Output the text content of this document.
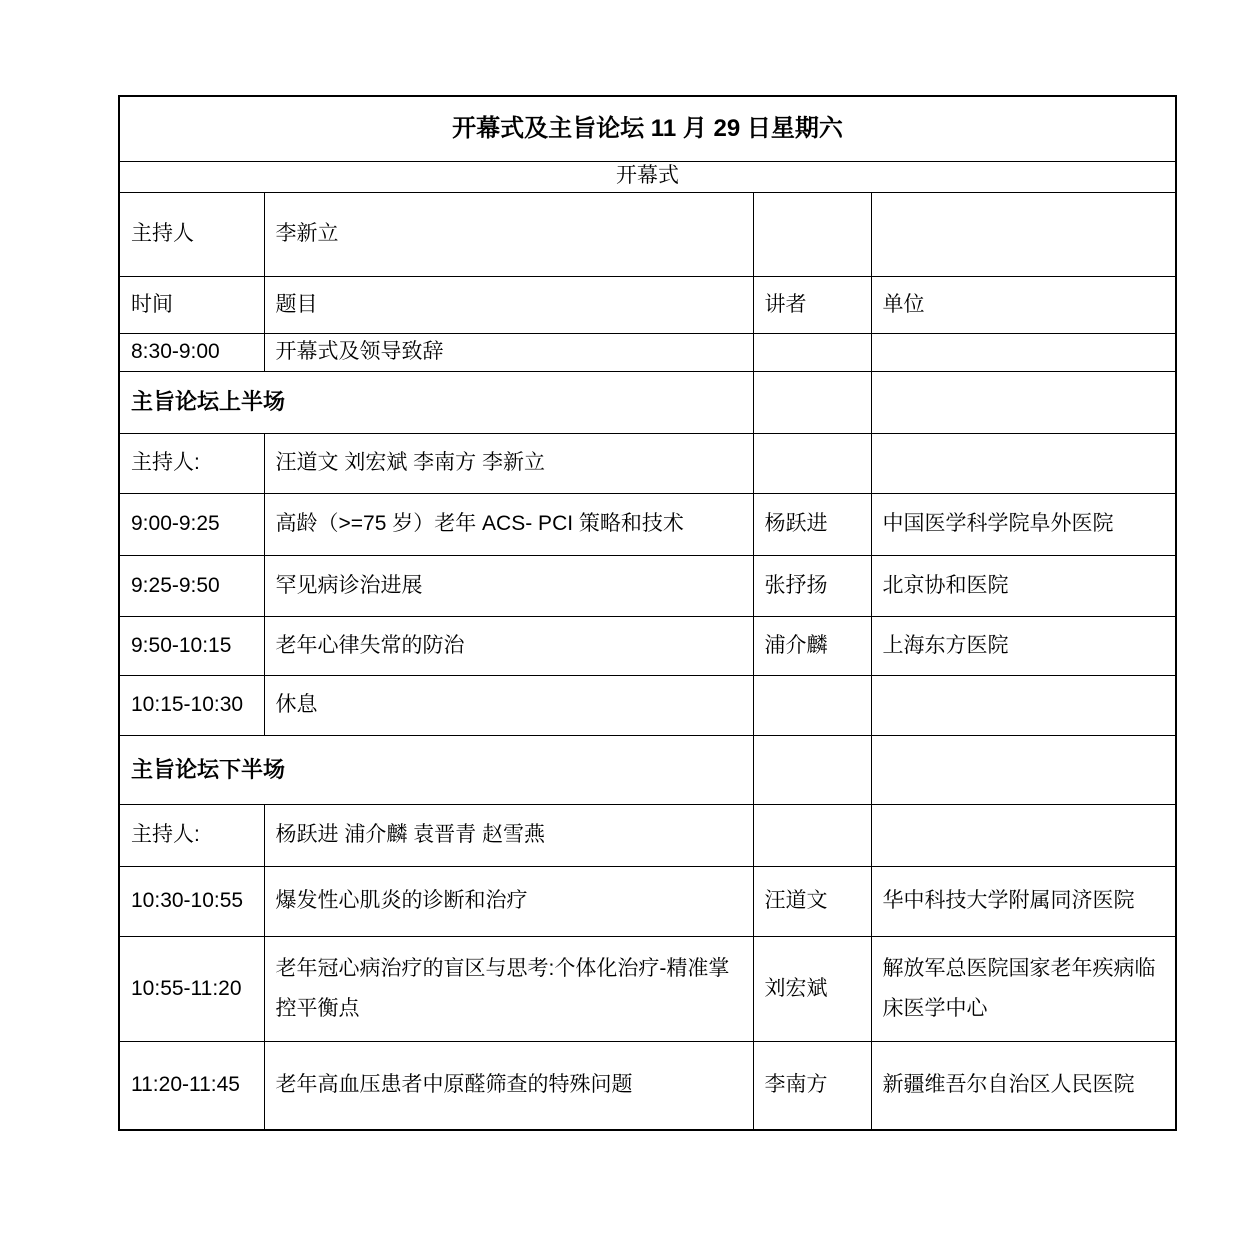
开幕式及主旨论坛 11 月 29 日星期六			
开幕式			
主持人	李新立		
时间	题目	讲者	单位
8:30-9:00	开幕式及领导致辞		
主旨论坛上半场			
主持人:	汪道文 刘宏斌 李南方 李新立		
9:00-9:25	高龄（>=75 岁）老年 ACS- PCI 策略和技术	杨跃进	中国医学科学院阜外医院
9:25-9:50	罕见病诊治进展	张抒扬	北京协和医院
9:50-10:15	老年心律失常的防治	浦介麟	上海东方医院
10:15-10:30	休息		
主旨论坛下半场			
主持人:	杨跃进 浦介麟 袁晋青 赵雪燕		
10:30-10:55	爆发性心肌炎的诊断和治疗	汪道文	华中科技大学附属同济医院
10:55-11:20	老年冠心病治疗的盲区与思考:个体化治疗-精准掌控平衡点	刘宏斌	解放军总医院国家老年疾病临床医学中心
11:20-11:45	老年高血压患者中原醛筛查的特殊问题	李南方	新疆维吾尔自治区人民医院
